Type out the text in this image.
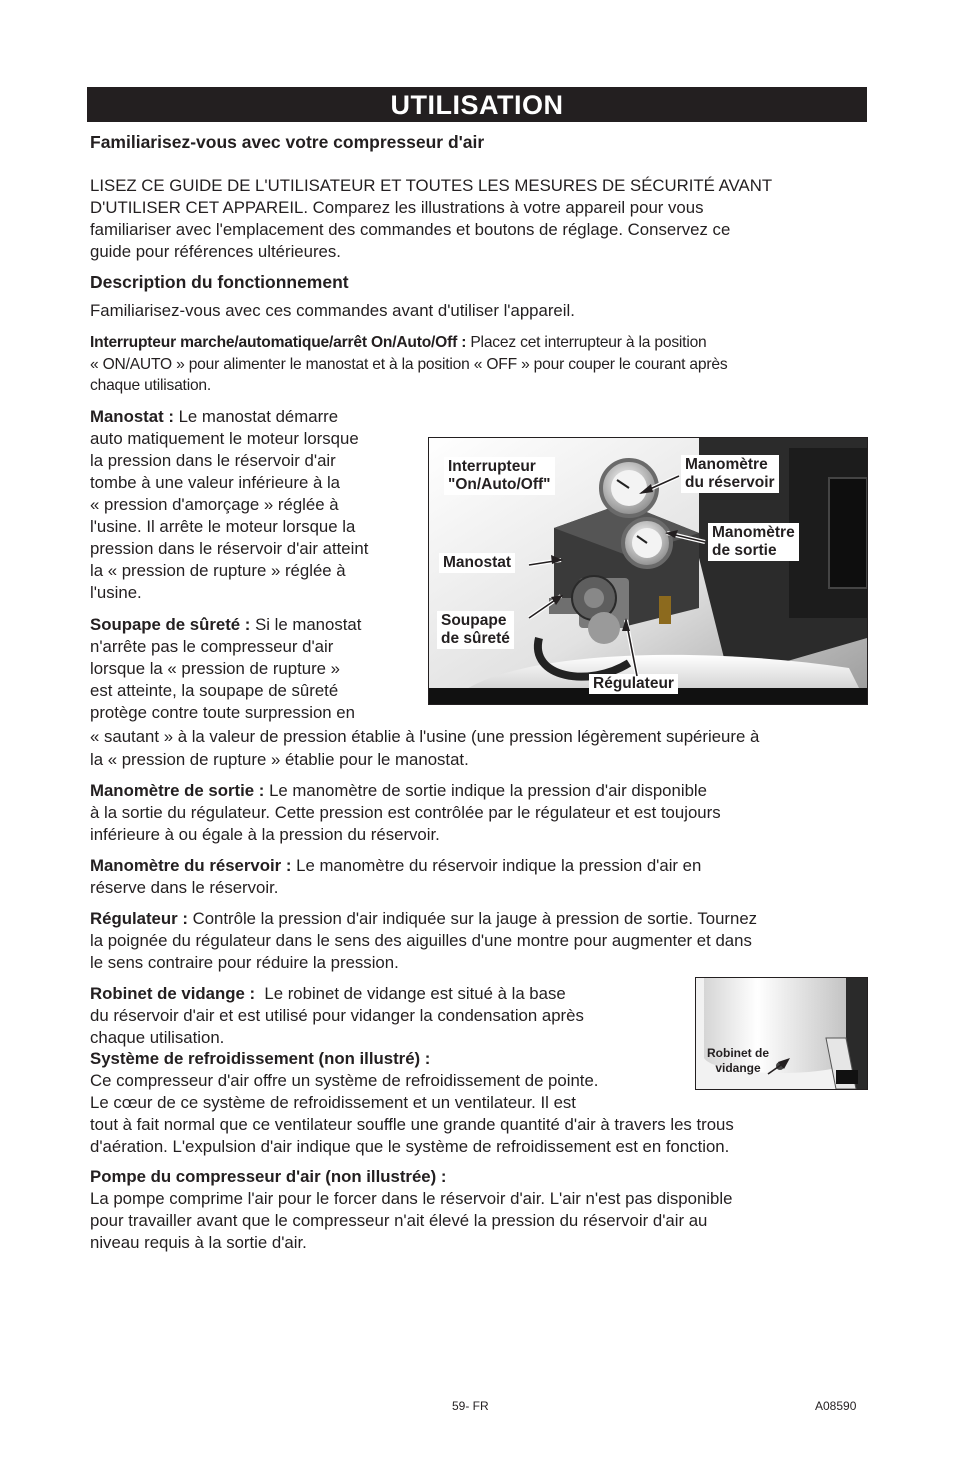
UTILISATION
Familiarisez-vous avec votre compresseur d'air
LISEZ CE GUIDE DE L'UTILISATEUR ET TOUTES LES MESURES DE SÉCURITÉ AVANT
D'UTILISER CET APPAREIL. Comparez les illustrations à votre appareil pour vous
familiariser avec l'emplacement des commandes et boutons de réglage. Conservez ce
guide pour références ultérieures.
Description du fonctionnement
Familiarisez-vous avec ces commandes avant d'utiliser l'appareil.
Interrupteur marche/automatique/arrêt On/Auto/Off : Placez cet interrupteur à la position
« ON/AUTO » pour alimenter le manostat et à la position « OFF » pour couper le courant après
chaque utilisation.
Manostat : Le manostat démarre
auto matiquement le moteur lorsque
la pression dans le réservoir d'air
tombe à une valeur inférieure à la
« pression d'amorçage » réglée à
l'usine. Il arrête le moteur lorsque la
pression dans le réservoir d'air atteint
la « pression de rupture » réglée à
l'usine.
Soupape de sûreté : Si le manostat
n'arrête pas le compresseur d'air
lorsque la « pression de rupture »
est atteinte, la soupape de sûreté
protège contre toute surpression en
« sautant » à la valeur de pression établie à l'usine (une pression légèrement supérieure à
la « pression de rupture » établie pour le manostat.
Manomètre de sortie : Le manomètre de sortie indique la pression d'air disponible
à la sortie du régulateur. Cette pression est contrôlée par le régulateur et est toujours
inférieure à ou égale à la pression du réservoir.
Manomètre du réservoir : Le manomètre du réservoir indique la pression d'air en
réserve dans le réservoir.
Régulateur : Contrôle la pression d'air indiquée sur la jauge à pression de sortie. Tournez
la poignée du régulateur dans le sens des aiguilles d'une montre pour augmenter et dans
le sens contraire pour réduire la pression.
Robinet de vidange : Le robinet de vidange est situé à la base
du réservoir d'air et est utilisé pour vidanger la condensation après
chaque utilisation.
Système de refroidissement (non illustré) :
Ce compresseur d'air offre un système de refroidissement de pointe.
Le cœur de ce système de refroidissement et un ventilateur. Il est
tout à fait normal que ce ventilateur souffle une grande quantité d'air à travers les trous
d'aération. L'expulsion d'air indique que le système de refroidissement est en fonction.
Pompe du compresseur d'air (non illustrée) :
La pompe comprime l'air pour le forcer dans le réservoir d'air. L'air n'est pas disponible
pour travailler avant que le compresseur n'ait élevé la pression du réservoir d'air au
niveau requis à la sortie d'air.
Interrupteur
"On/Auto/Off"
Manomètre
du réservoir
Manomètre
de sortie
Manostat
Soupape
de sûreté
Régulateur
Robinet de
vidange
59- FR	A08590
